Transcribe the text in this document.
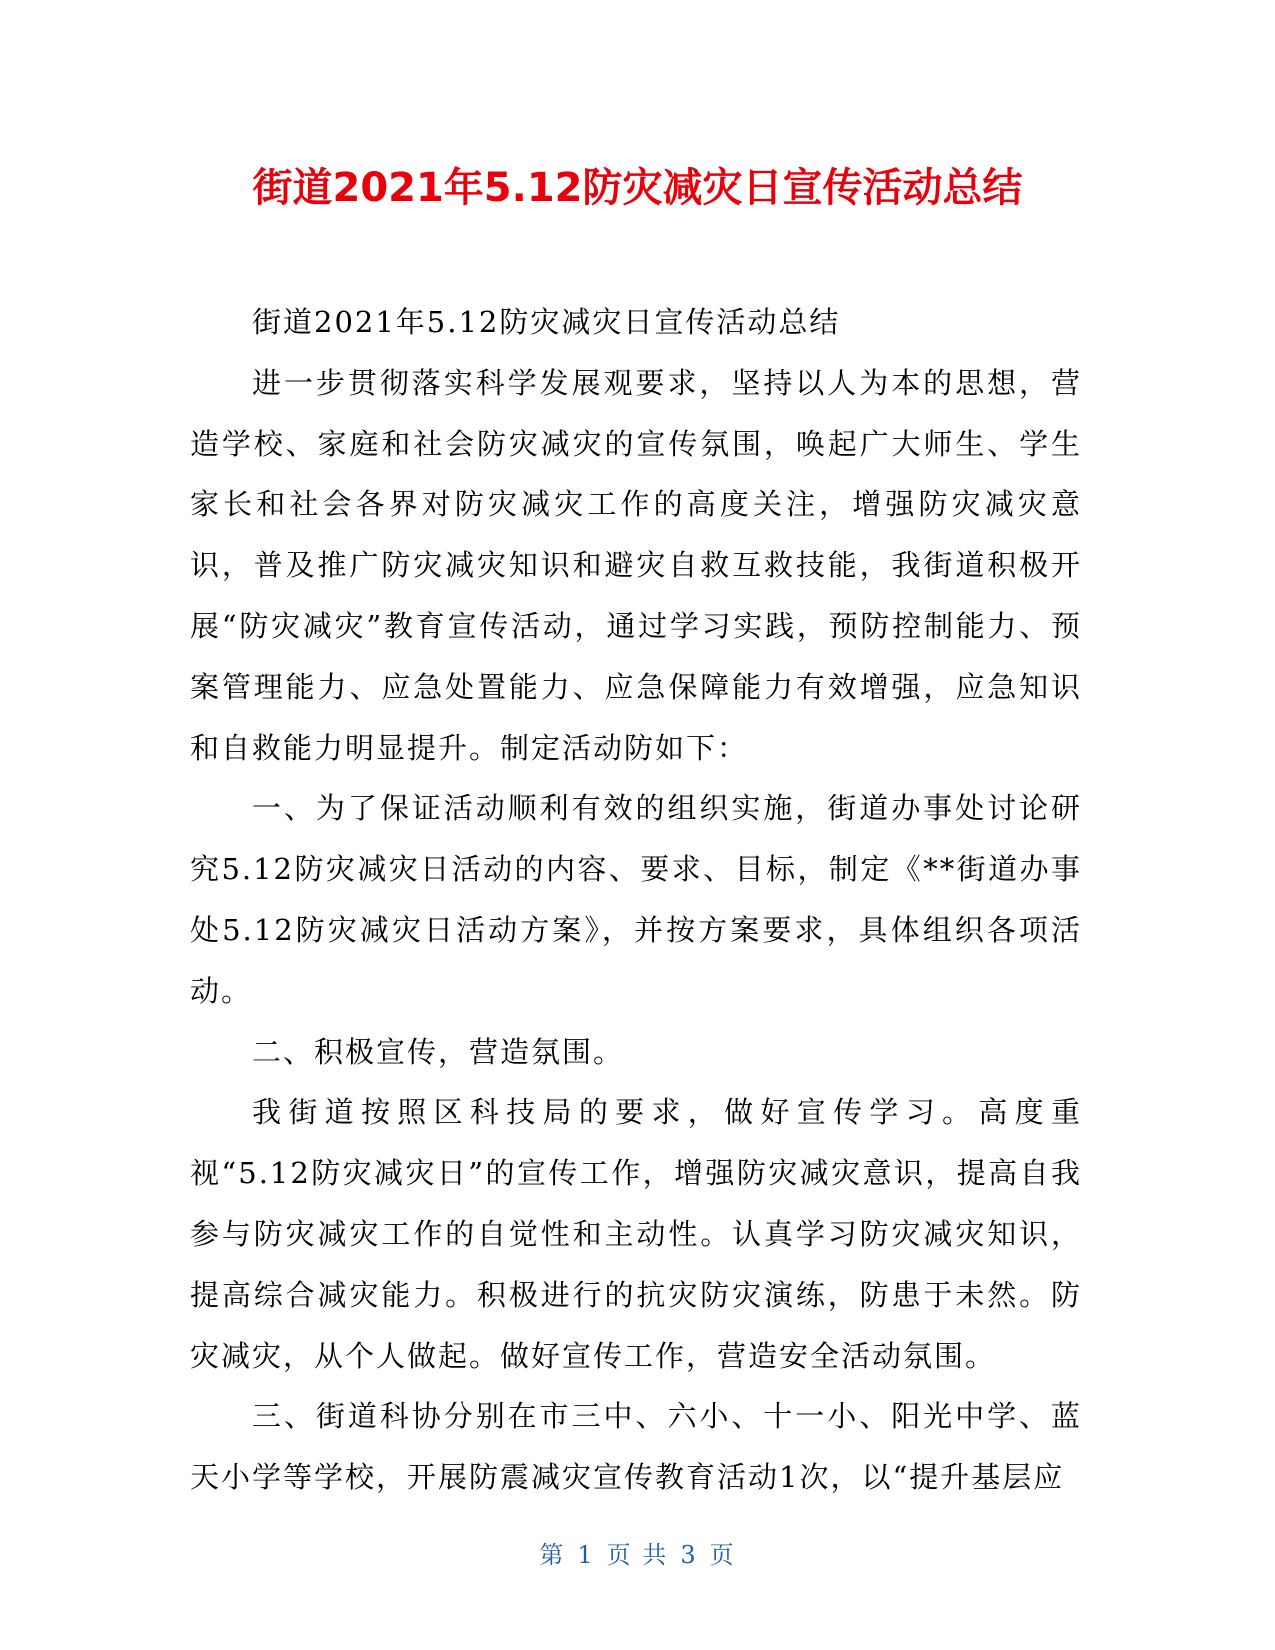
街道2021年5.12防灾减灾日宣传活动总结

街道2021年5.12防灾减灾日宣传活动总结

进一步贯彻落实科学发展观要求，坚持以人为本的思想，营造学校、家庭和社会防灾减灾的宣传氛围，唤起广大师生、学生家长和社会各界对防灾减灾工作的高度关注，增强防灾减灾意识，普及推广防灾减灾知识和避灾自救互救技能，我街道积极开展“防灾减灾”教育宣传活动，通过学习实践，预防控制能力、预案管理能力、应急处置能力、应急保障能力有效增强，应急知识和自救能力明显提升。制定活动防如下：

一、为了保证活动顺利有效的组织实施，街道办事处讨论研究5.12防灾减灾日活动的内容、要求、目标，制定《**街道办事处5.12防灾减灾日活动方案》，并按方案要求，具体组织各项活动。

二、积极宣传，营造氛围。

我街道按照区科技局的要求，做好宣传学习。高度重视“5.12防灾减灾日”的宣传工作，增强防灾减灾意识，提高自我参与防灾减灾工作的自觉性和主动性。认真学习防灾减灾知识，提高综合减灾能力。积极进行的抗灾防灾演练，防患于未然。防灾减灾，从个人做起。做好宣传工作，营造安全活动氛围。

三、街道科协分别在市三中、六小、十一小、阳光中学、蓝天小学等学校，开展防震减灾宣传教育活动1次，以“提升基层应

第 1 页 共 3 页
